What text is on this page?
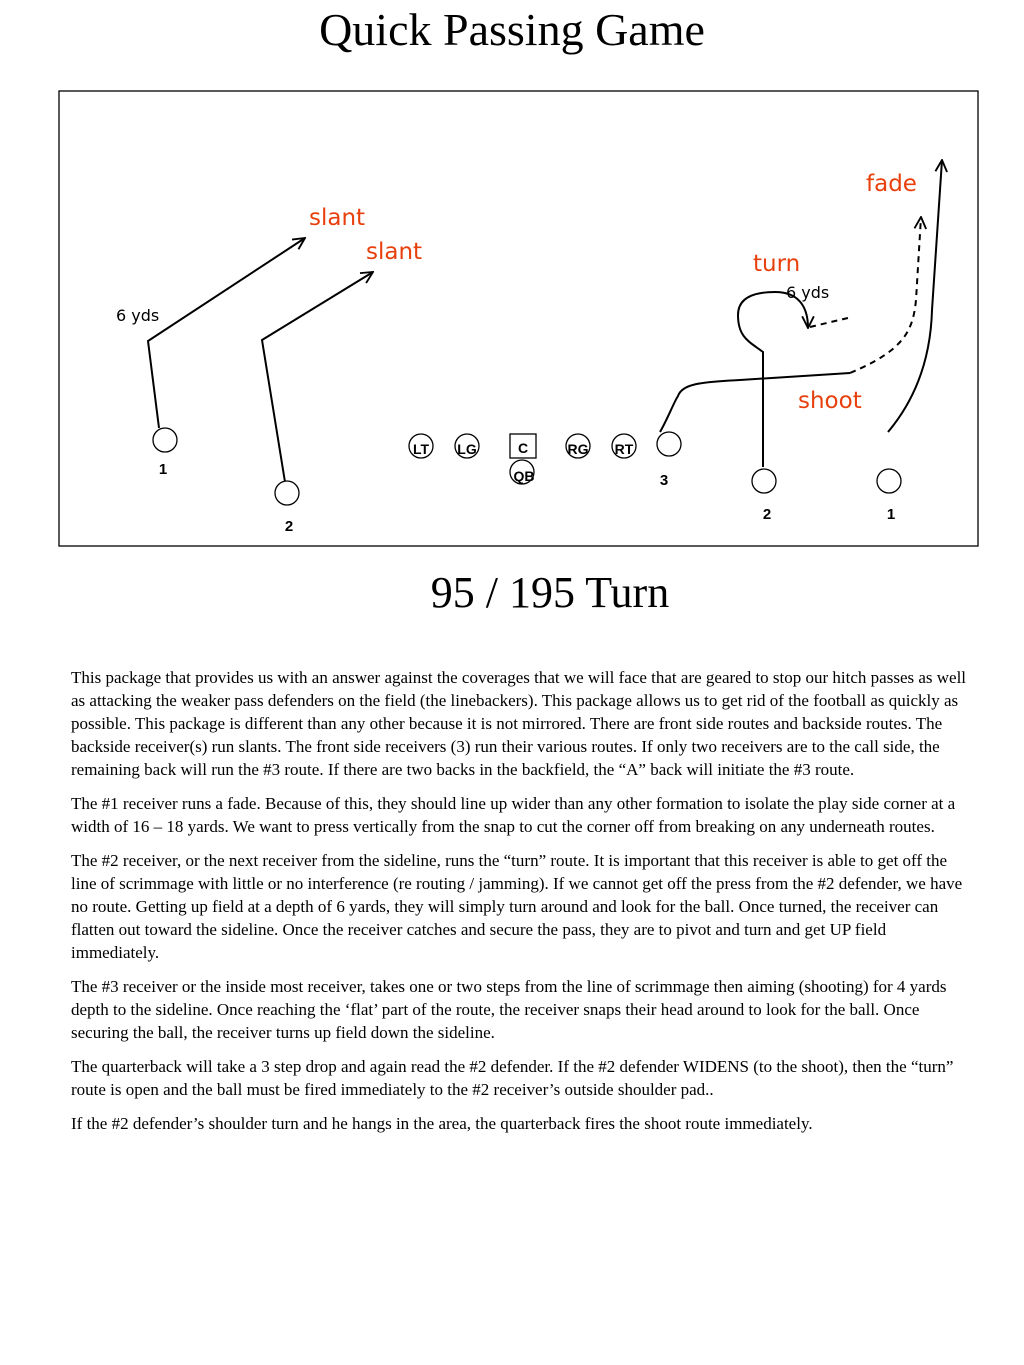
Quick Passing Game
LT LG	C	RG RT
QB
1
2
3
2	1
slant
slant
fade
turn
shoot
6 yds
6 yds
95 / 195 Turn

This package that provides us with an answer against the coverages that we will face that are geared to stop our hitch passes as well as attacking the weaker pass defenders on the field (the linebackers). This package allows us to get rid of the football as quickly as possible. This package is different than any other because it is not mirrored. There are front side routes and backside routes. The backside receiver(s) run slants. The front side receivers (3) run their various routes. If only two receivers are to the call side, the remaining back will run the #3 route. If there are two backs in the backfield, the “A” back will initiate the #3 route.

The #1 receiver runs a fade. Because of this, they should line up wider than any other formation to isolate the play side corner at a width of 16 – 18 yards. We want to press vertically from the snap to cut the corner off from breaking on any underneath routes.

The #2 receiver, or the next receiver from the sideline, runs the “turn” route. It is important that this receiver is able to get off the line of scrimmage with little or no interference (re routing / jamming). If we cannot get off the press from the #2 defender, we have no route. Getting up field at a depth of 6 yards, they will simply turn around and look for the ball. Once turned, the receiver can flatten out toward the sideline. Once the receiver catches and secure the pass, they are to pivot and turn and get UP field immediately.

The #3 receiver or the inside most receiver, takes one or two steps from the line of scrimmage then aiming (shooting) for 4 yards depth to the sideline. Once reaching the ‘flat’ part of the route, the receiver snaps their head around to look for the ball. Once securing the ball, the receiver turns up field down the sideline.

The quarterback will take a 3 step drop and again read the #2 defender. If the #2 defender WIDENS (to the shoot), then the “turn” route is open and the ball must be fired immediately to the #2 receiver’s outside shoulder pad..

If the #2 defender’s shoulder turn and he hangs in the area, the quarterback fires the shoot route immediately.
